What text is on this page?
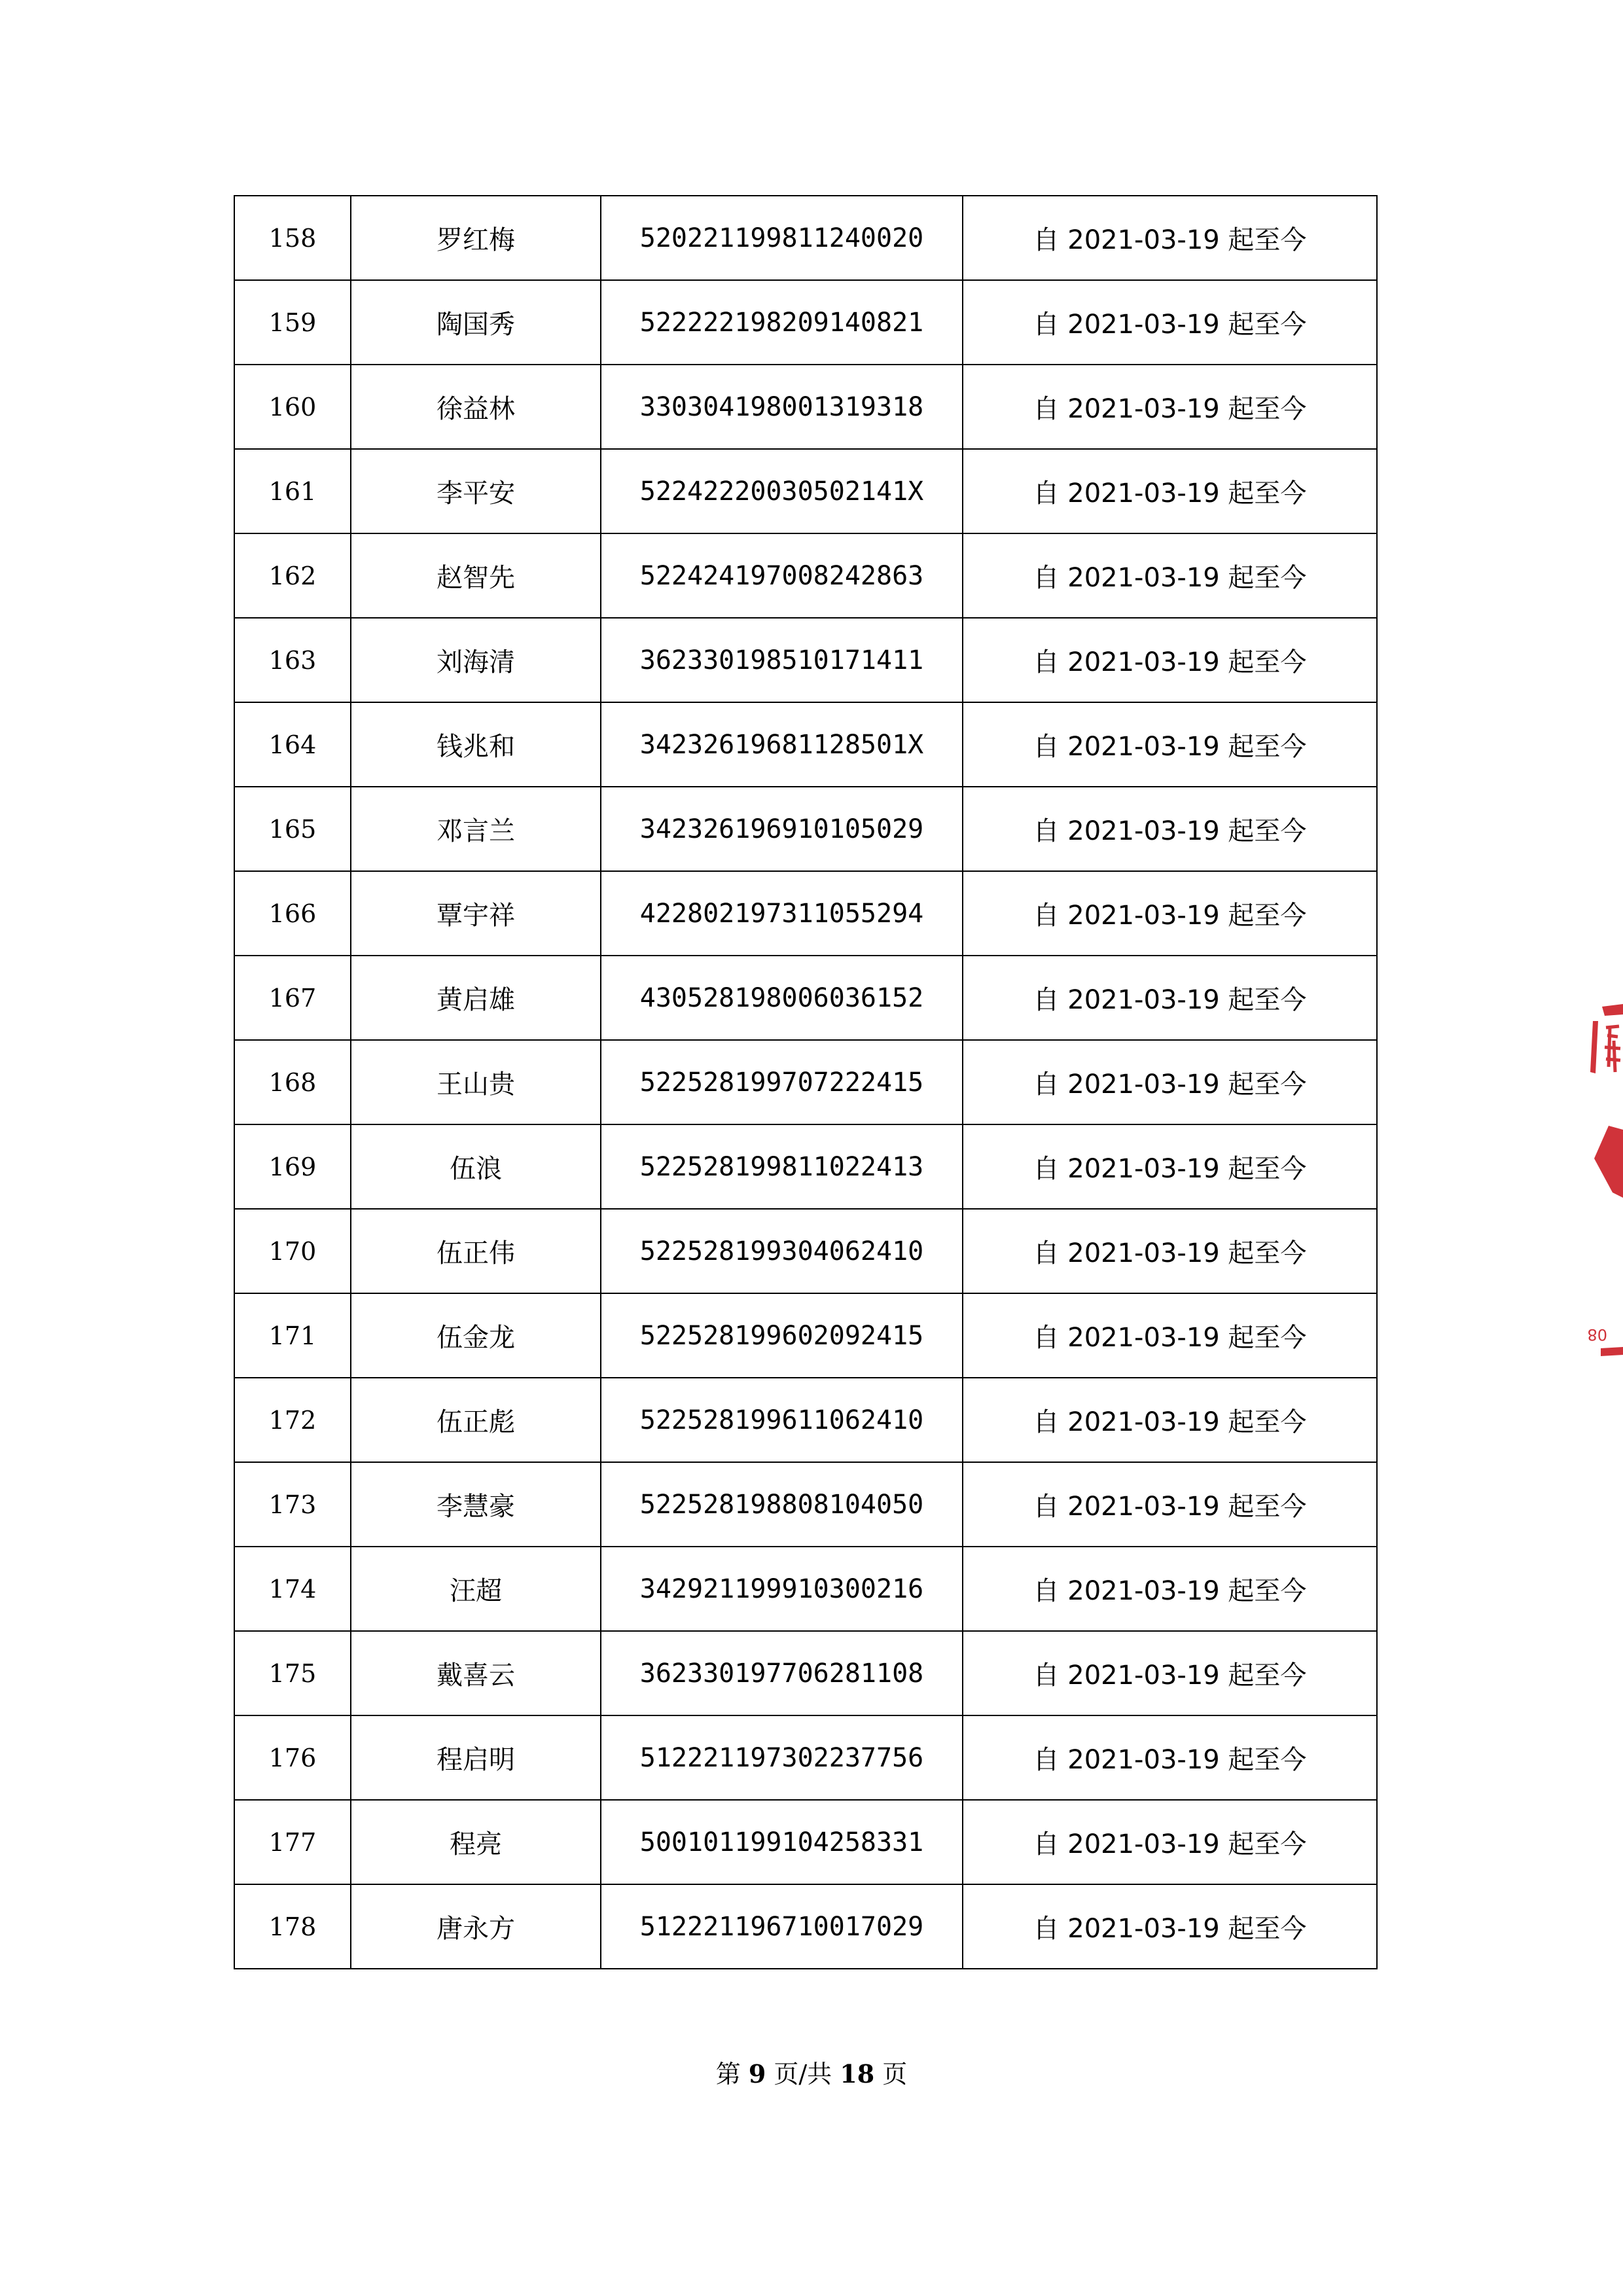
158	罗红梅	520221199811240020	自 2021-03-19 起至今
159	陶国秀	522222198209140821	自 2021-03-19 起至今
160	徐益林	330304198001319318	自 2021-03-19 起至今
161	李平安	52242220030502141X	自 2021-03-19 起至今
162	赵智先	522424197008242863	自 2021-03-19 起至今
163	刘海清	362330198510171411	自 2021-03-19 起至今
164	钱兆和	34232619681128501X	自 2021-03-19 起至今
165	邓言兰	342326196910105029	自 2021-03-19 起至今
166	覃宇祥	422802197311055294	自 2021-03-19 起至今
167	黄启雄	430528198006036152	自 2021-03-19 起至今
168	王山贵	522528199707222415	自 2021-03-19 起至今
169	伍浪	522528199811022413	自 2021-03-19 起至今
170	伍正伟	522528199304062410	自 2021-03-19 起至今
171	伍金龙	522528199602092415	自 2021-03-19 起至今
172	伍正彪	522528199611062410	自 2021-03-19 起至今
173	李慧豪	522528198808104050	自 2021-03-19 起至今
174	汪超	342921199910300216	自 2021-03-19 起至今
175	戴喜云	362330197706281108	自 2021-03-19 起至今
176	程启明	512221197302237756	自 2021-03-19 起至今
177	程亮	500101199104258331	自 2021-03-19 起至今
178	唐永方	512221196710017029	自 2021-03-19 起至今
第 9 页/共 18 页
08
